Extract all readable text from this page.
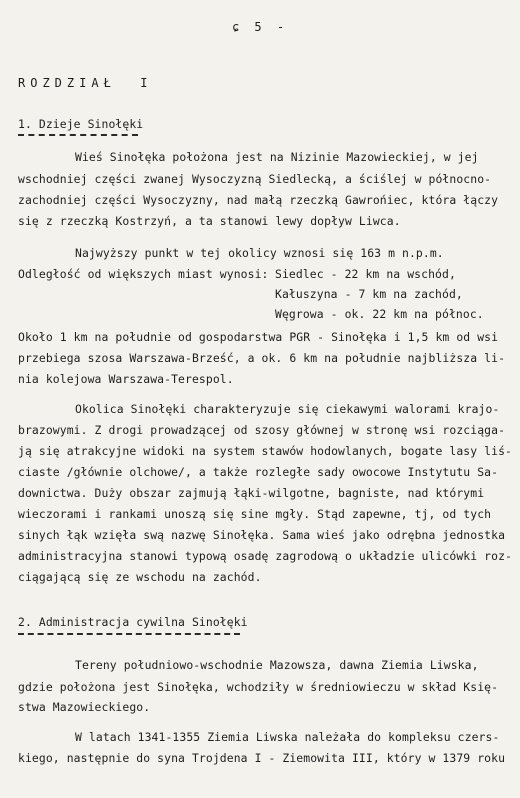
ɕ 5 -
ROZDZIAŁ  I
1. Dzieje Sinołęki
Wieś Sinołęka położona jest na Nizinie Mazowieckiej, w jej
wschodniej części zwanej Wysoczyzną Siedlecką, a ściślej w północno-
zachodniej części Wysoczyzny, nad małą rzeczką Gawrońiec, która łączy
się z rzeczką Kostrzyń, a ta stanowi lewy dopływ Liwca.
Najwyższy punkt w tej okolicy wznosi się 163 m n.p.m.
Odległość od większych miast wynosi: Siedlec - 22 km na wschód,
Kałuszyna - 7 km na zachód,
Węgrowa - ok. 22 km na północ.
Około 1 km na południe od gospodarstwa PGR - Sinołęka i 1,5 km od wsi
przebiega szosa Warszawa-Brześć, a ok. 6 km na południe najbliższa li-
nia kolejowa Warszawa-Terespol.
Okolica Sinołęki charakteryzuje się ciekawymi walorami krajo-
brazowymi. Z drogi prowadzącej od szosy głównej w stronę wsi rozciąga-
ją się atrakcyjne widoki na system stawów hodowlanych, bogate lasy liś-
ciaste /głównie olchowe/, a także rozległe sady owocowe Instytutu Sa-
downictwa. Duży obszar zajmują łąki-wilgotne, bagniste, nad którymi
wieczorami i rankami unoszą się sine mgły. Stąd zapewne, tj, od tych
sinych łąk wzięła swą nazwę Sinołęka. Sama wieś jako odrębna jednostka
administracyjna stanowi typową osadę zagrodową o układzie ulicówki roz-
ciągającą się ze wschodu na zachód.
2. Administracja cywilna Sinołęki
Tereny południowo-wschodnie Mazowsza, dawna Ziemia Liwska,
gdzie położona jest Sinołęka, wchodziły w średniowieczu w skład Księ-
stwa Mazowieckiego.
W latach 1341-1355 Ziemia Liwska należała do kompleksu czers-
kiego, następnie do syna Trojdena I - Ziemowita III, który w 1379 roku
